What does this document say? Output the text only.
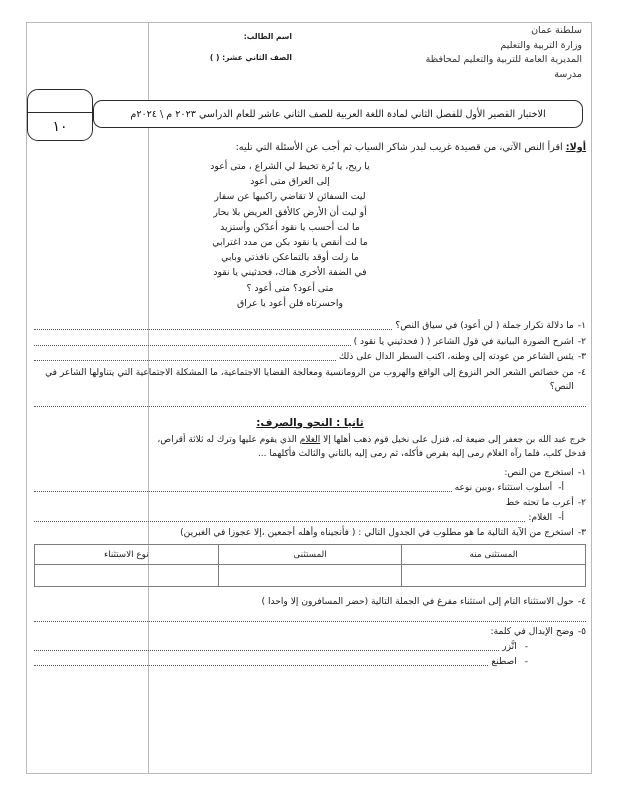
سلطنة عمان
وزارة التربية والتعليم
المديرية العامة للتربية والتعليم لمحافظة
مدرسة
اسم الطالب:
الصف الثاني عشر: ( )
١٠
الاختبار القصير الأول للفصل الثاني لمادة اللغة العربية للصف الثاني عاشر للعام الدراسي ٢٠٢٣ م \ ٢٠٢٤م

أولا: اقرأ النص الآتي، من قصيدة غريب لبدر شاكر السياب ثم أجب عن الأسئلة التي تليه:

يا ريح، يا بُرة تخيط لي الشراع ، متى أعود
إلى العراق متى أعود
ليت السفائن لا تقاضي راكبيها عن سفار
أو ليت أن الأرض كالأفق العريض بلا بحار
ما لت أحسب يا نقود أعدّكن وأستزيد
ما لت أنقص يا نقود بكن من مدد اغترابي
ما زلت أوقد بالتماعكن نافذتي وبابي
في الضفة الأخرى هناك، فحدثيني يا نقود
متى أعود؟ متى أعود ؟
واحسرتاه فلن أعود يا عراق
١-
ما دلالة تكرار جملة ( لن أعود) في سياق النص؟
٢-
اشرح الصورة البيانية في قول الشاعر ( ( فحدثيني يا نقود )
٣-
يئس الشاعر من عودته إلى وطنه، اكتب السطر الدال على ذلك
٤-
من خصائص الشعر الحر النزوع إلى الواقع والهروب من الرومانسية ومعالجة القضايا الاجتماعية، ما المشكلة الاجتماعية التي يتناولها الشاعر في النص؟
ثانيا : النحو والصرف:
خرج عبد الله بن جعفر إلى ضيعة له، فنزل على نخيل قوم ذهب أهلها إلا الغلام الذي يقوم عليها وترك له ثلاثة أقراص،
فدخل كلب، فلما رآه الغلام رمى إليه بقرص فأكله، ثم رمى إليه بالثاني والثالث فأكلهما ...
١-
استخرج من النص:
أ-
أسلوب استثناء ،وبين نوعه
٢-
أعرب ما تحته خط
أ-
الغلام:
٣-
استخرج من الآية التالية ما هو مطلوب في الجدول التالي : ( فأنجيناه وأهله أجمعين ،إلا عجوزا في الغبرين)
المستثنى منه	المستثنى	نوع الاستثناء

٤-
حول الاستثناء التام إلى استثناء مفرغ في الجملة التالية (حضر المسافرون إلا واحدا )
٥-
وضح الإبدال في كلمة:
-
اتَّزر
-
اصطنع
